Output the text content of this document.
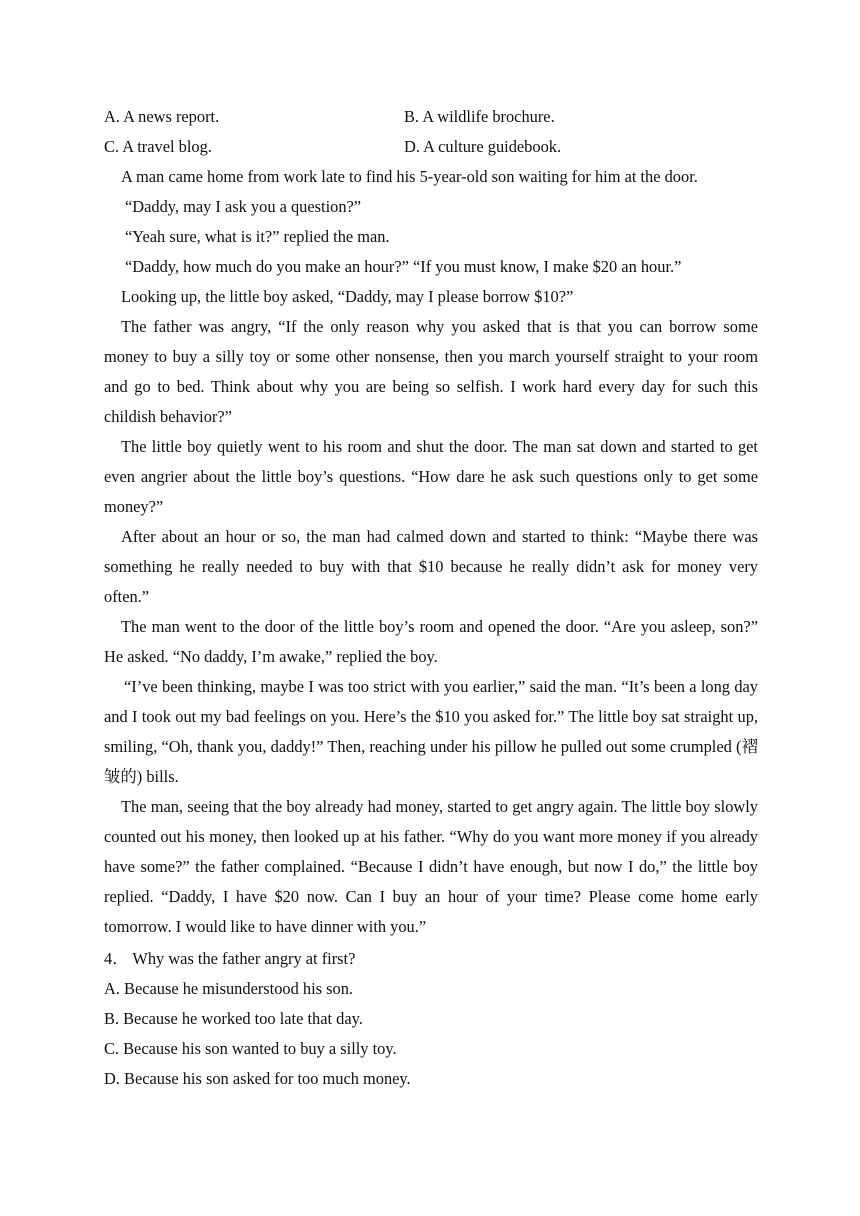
A. A news report.	B. A wildlife brochure.
C. A travel blog.	D. A culture guidebook.
A man came home from work late to find his 5-year-old son waiting for him at the door.
“Daddy, may I ask you a question?”
“Yeah sure, what is it?” replied the man.
“Daddy, how much do you make an hour?” “If you must know, I make $20 an hour.”
Looking up, the little boy asked, “Daddy, may I please borrow $10?”
The father was angry, “If the only reason why you asked that is that you can borrow some money to buy a silly toy or some other nonsense, then you march yourself straight to your room and go to bed. Think about why you are being so selfish. I work hard every day for such this childish behavior?”
The little boy quietly went to his room and shut the door. The man sat down and started to get even angrier about the little boy’s questions. “How dare he ask such questions only to get some money?”
After about an hour or so, the man had calmed down and started to think: “Maybe there was something he really needed to buy with that $10 because he really didn’t ask for money very often.”
The man went to the door of the little boy’s room and opened the door. “Are you asleep, son?” He asked. “No daddy, I’m awake,” replied the boy.
“I’ve been thinking, maybe I was too strict with you earlier,” said the man. “It’s been a long day and I took out my bad feelings on you. Here’s the $10 you asked for.” The little boy sat straight up, smiling, “Oh, thank you, daddy!” Then, reaching under his pillow he pulled out some crumpled (褶皱的) bills.
The man, seeing that the boy already had money, started to get angry again. The little boy slowly counted out his money, then looked up at his father. “Why do you want more money if you already have some?” the father complained. “Because I didn’t have enough, but now I do,” the little boy replied. “Daddy, I have $20 now. Can I buy an hour of your time? Please come home early tomorrow. I would like to have dinner with you.”
4． Why was the father angry at first?
A. Because he misunderstood his son.
B. Because he worked too late that day.
C. Because his son wanted to buy a silly toy.
D. Because his son asked for too much money.
